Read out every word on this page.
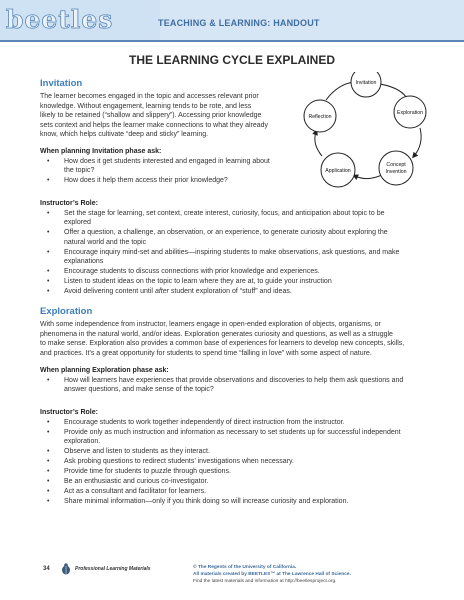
beetles	TEACHING & LEARNING: HANDOUT
THE LEARNING CYCLE EXPLAINED
Invitation
Exploration
Concept
Invention
Application
Reflection
Invitation
The learner becomes engaged in the topic and accesses relevant prior
knowledge. Without engagement, learning tends to be rote, and less
likely to be retained (“shallow and slippery”). Accessing prior knowledge
sets context and helps the learner make connections to what they already
know, which helps cultivate “deep and sticky” learning.
When planning Invitation phase ask:
• How does it get students interested and engaged in learning about
the topic?
• How does it help them access their prior knowledge?
Instructor’s Role:
• Set the stage for learning, set context, create interest, curiosity, focus, and anticipation about topic to be
explored
• Offer a question, a challenge, an observation, or an experience, to generate curiosity about exploring the
natural world and the topic
• Encourage inquiry mind-set and abilities—inspiring students to make observations, ask questions, and make
explanations
• Encourage students to discuss connections with prior knowledge and experiences.
• Listen to student ideas on the topic to learn where they are at, to guide your instruction
• Avoid delivering content until after student exploration of “stuff” and ideas.
Exploration
With some independence from instructor, learners engage in open-ended exploration of objects, organisms, or
phenomena in the natural world, and/or ideas. Exploration generates curiosity and questions, as well as a struggle
to make sense. Exploration also provides a common base of experiences for learners to develop new concepts, skills,
and practices. It’s a great opportunity for students to spend time “falling in love” with some aspect of nature.
When planning Exploration phase ask:
• How will learners have experiences that provide observations and discoveries to help them ask questions and
answer questions, and make sense of the topic?
Instructor’s Role:
• Encourage students to work together independently of direct instruction from the instructor.
• Provide only as much instruction and information as necessary to set students up for successful independent
exploration.
• Observe and listen to students as they interact.
• Ask probing questions to redirect students’ investigations when necessary.
• Provide time for students to puzzle through questions.
• Be an enthusiastic and curious co-investigator.
• Act as a consultant and facilitator for learners.
• Share minimal information—only if you think doing so will increase curiosity and exploration.
34	Professional Learning Materials	© The Regents of the University of California.
All materials created by BEETLES™ at The Lawrence Hall of Science.
Find the latest materials and information at http://beetlesproject.org.
